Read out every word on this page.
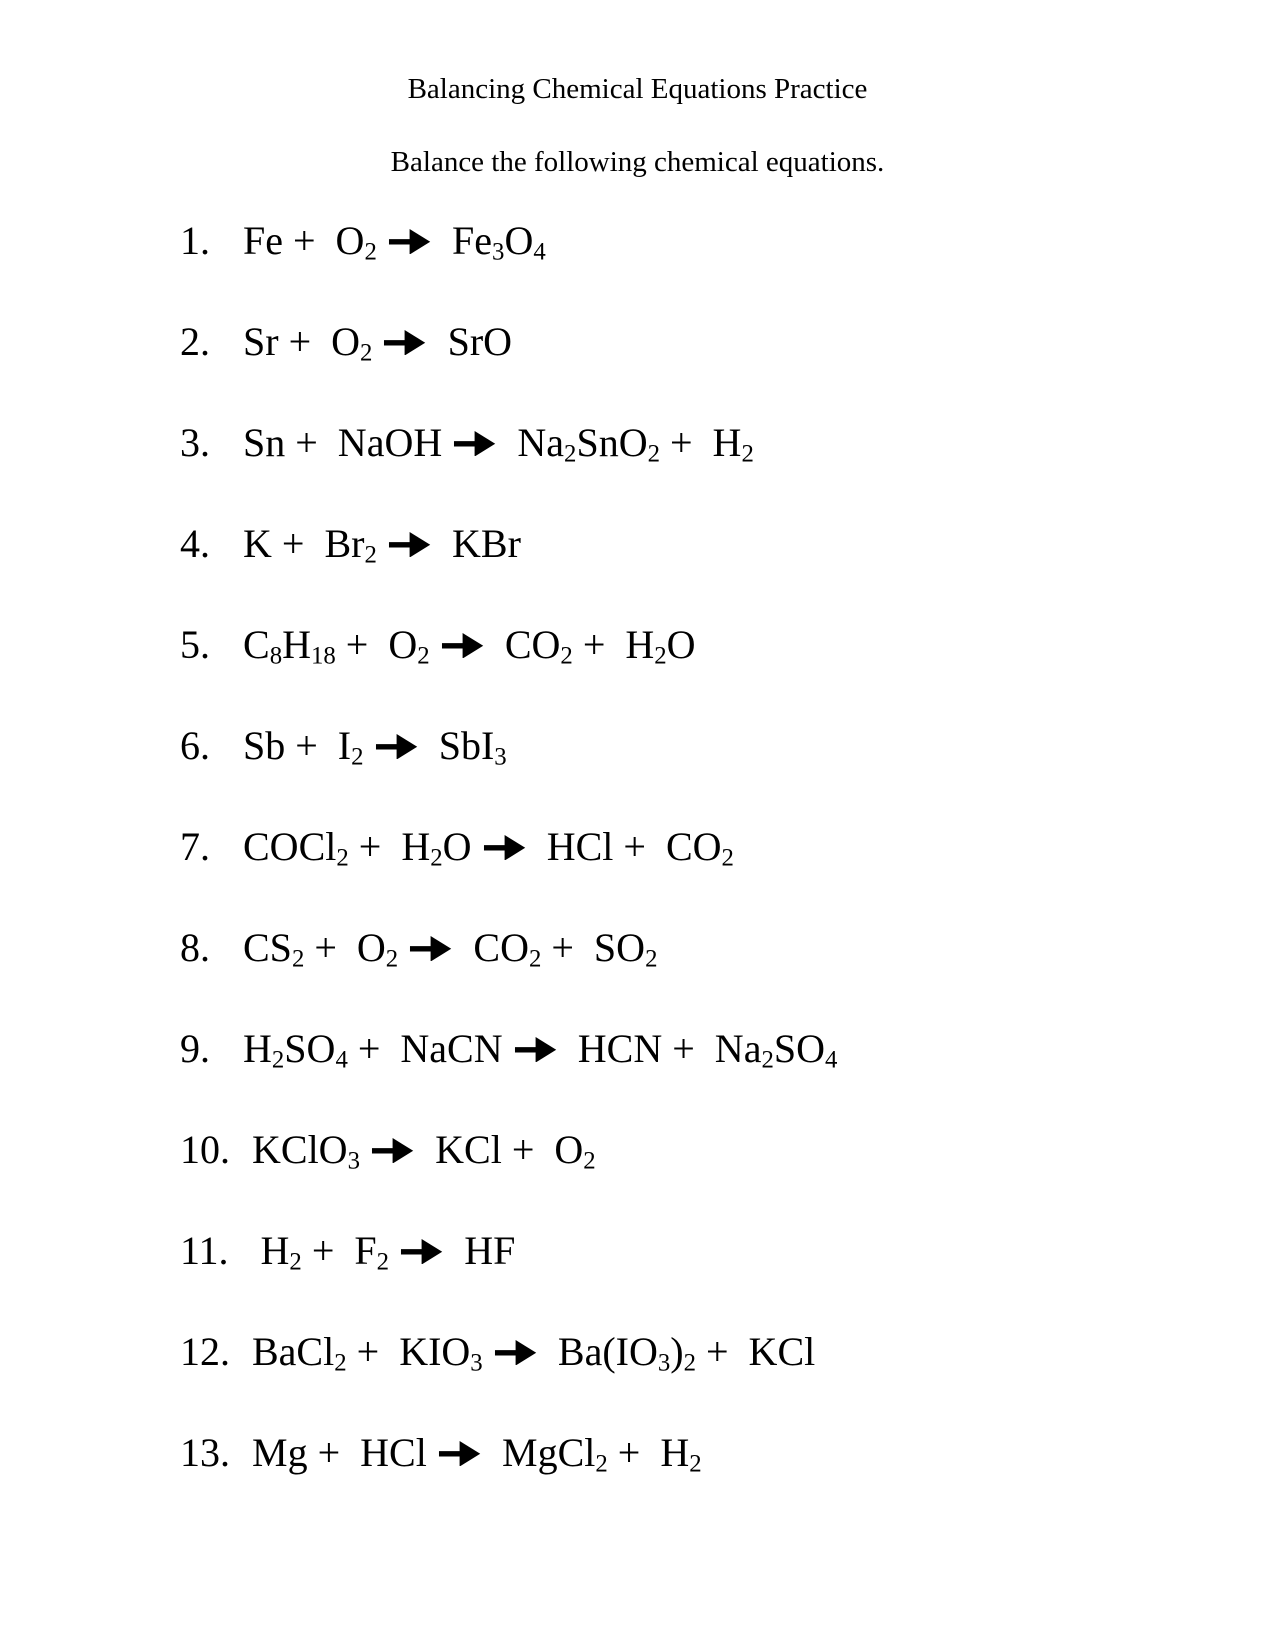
Balancing Chemical Equations Practice
Balance the following chemical equations.
1. $Fe + O_2$
$Fe_3O_4$
2. $Sr + O_2$
SrO
3. Sn +  NaOH
$Na_2SnO_2 + H_2$
4. $K + Br_2$
KBr
5. $C_8H_{18} + O_2$
$CO_2 + H_2O$
6. $Sb + I_2$
SbI$_3$
7. COCl$_2$ +  $H_2O$
HCl +  $CO_2$
8. $CS_2 + O_2$
$CO_2 + SO_2$
9. $H_2SO_4$ +  NaCN
HCN +  $Na_2SO_4$
10. KClO$_3$
KCl +  $O_2$
11. $H_2 + F_2$
HF
12. BaCl$_2$ +  $KIO_3$
$Ba(IO_3)_2$ +  KCl
13. Mg +  HCl
MgCl$_2$ +  $H_2$
